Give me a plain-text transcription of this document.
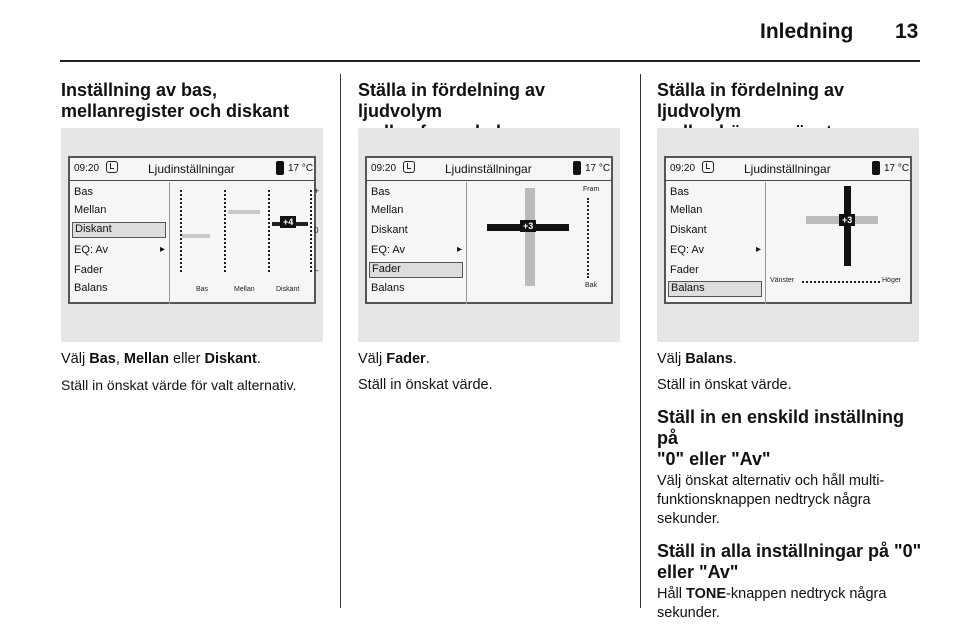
Inledning 13
Inställning av bas,
mellanregister och diskant
09:20	Ljudinställningar	17 °C
Bas
Mellan
Diskant
EQ: Av	▸
Fader
Balans
+4
+
0
–
Bas	Mellan	Diskant

Välj Bas, Mellan eller Diskant.

Ställ in önskat värde för valt alternativ.

Ställa in fördelning av ljudvolym

09:20	Ljudinställningar	17 °C
Bas
Mellan
Diskant
EQ: Av	▸
Fader
Balans
+3
Fram
Bak

Välj Fader.

Ställ in önskat värde.

Ställa in fördelning av ljudvolym

09:20	Ljudinställningar	17 °C
Bas
Mellan
Diskant
EQ: Av	▸
Fader
Balans
+3
Vänster	Höger

Välj Balans.

Ställ in önskat värde.

Ställ in en enskild inställning på
"0" eller "Av"

Välj önskat alternativ och håll multi-
funktionsknappen nedtryck några
sekunder.

Ställ in alla inställningar på "0"
eller "Av"

Håll TONE-knappen nedtryck några
sekunder.
